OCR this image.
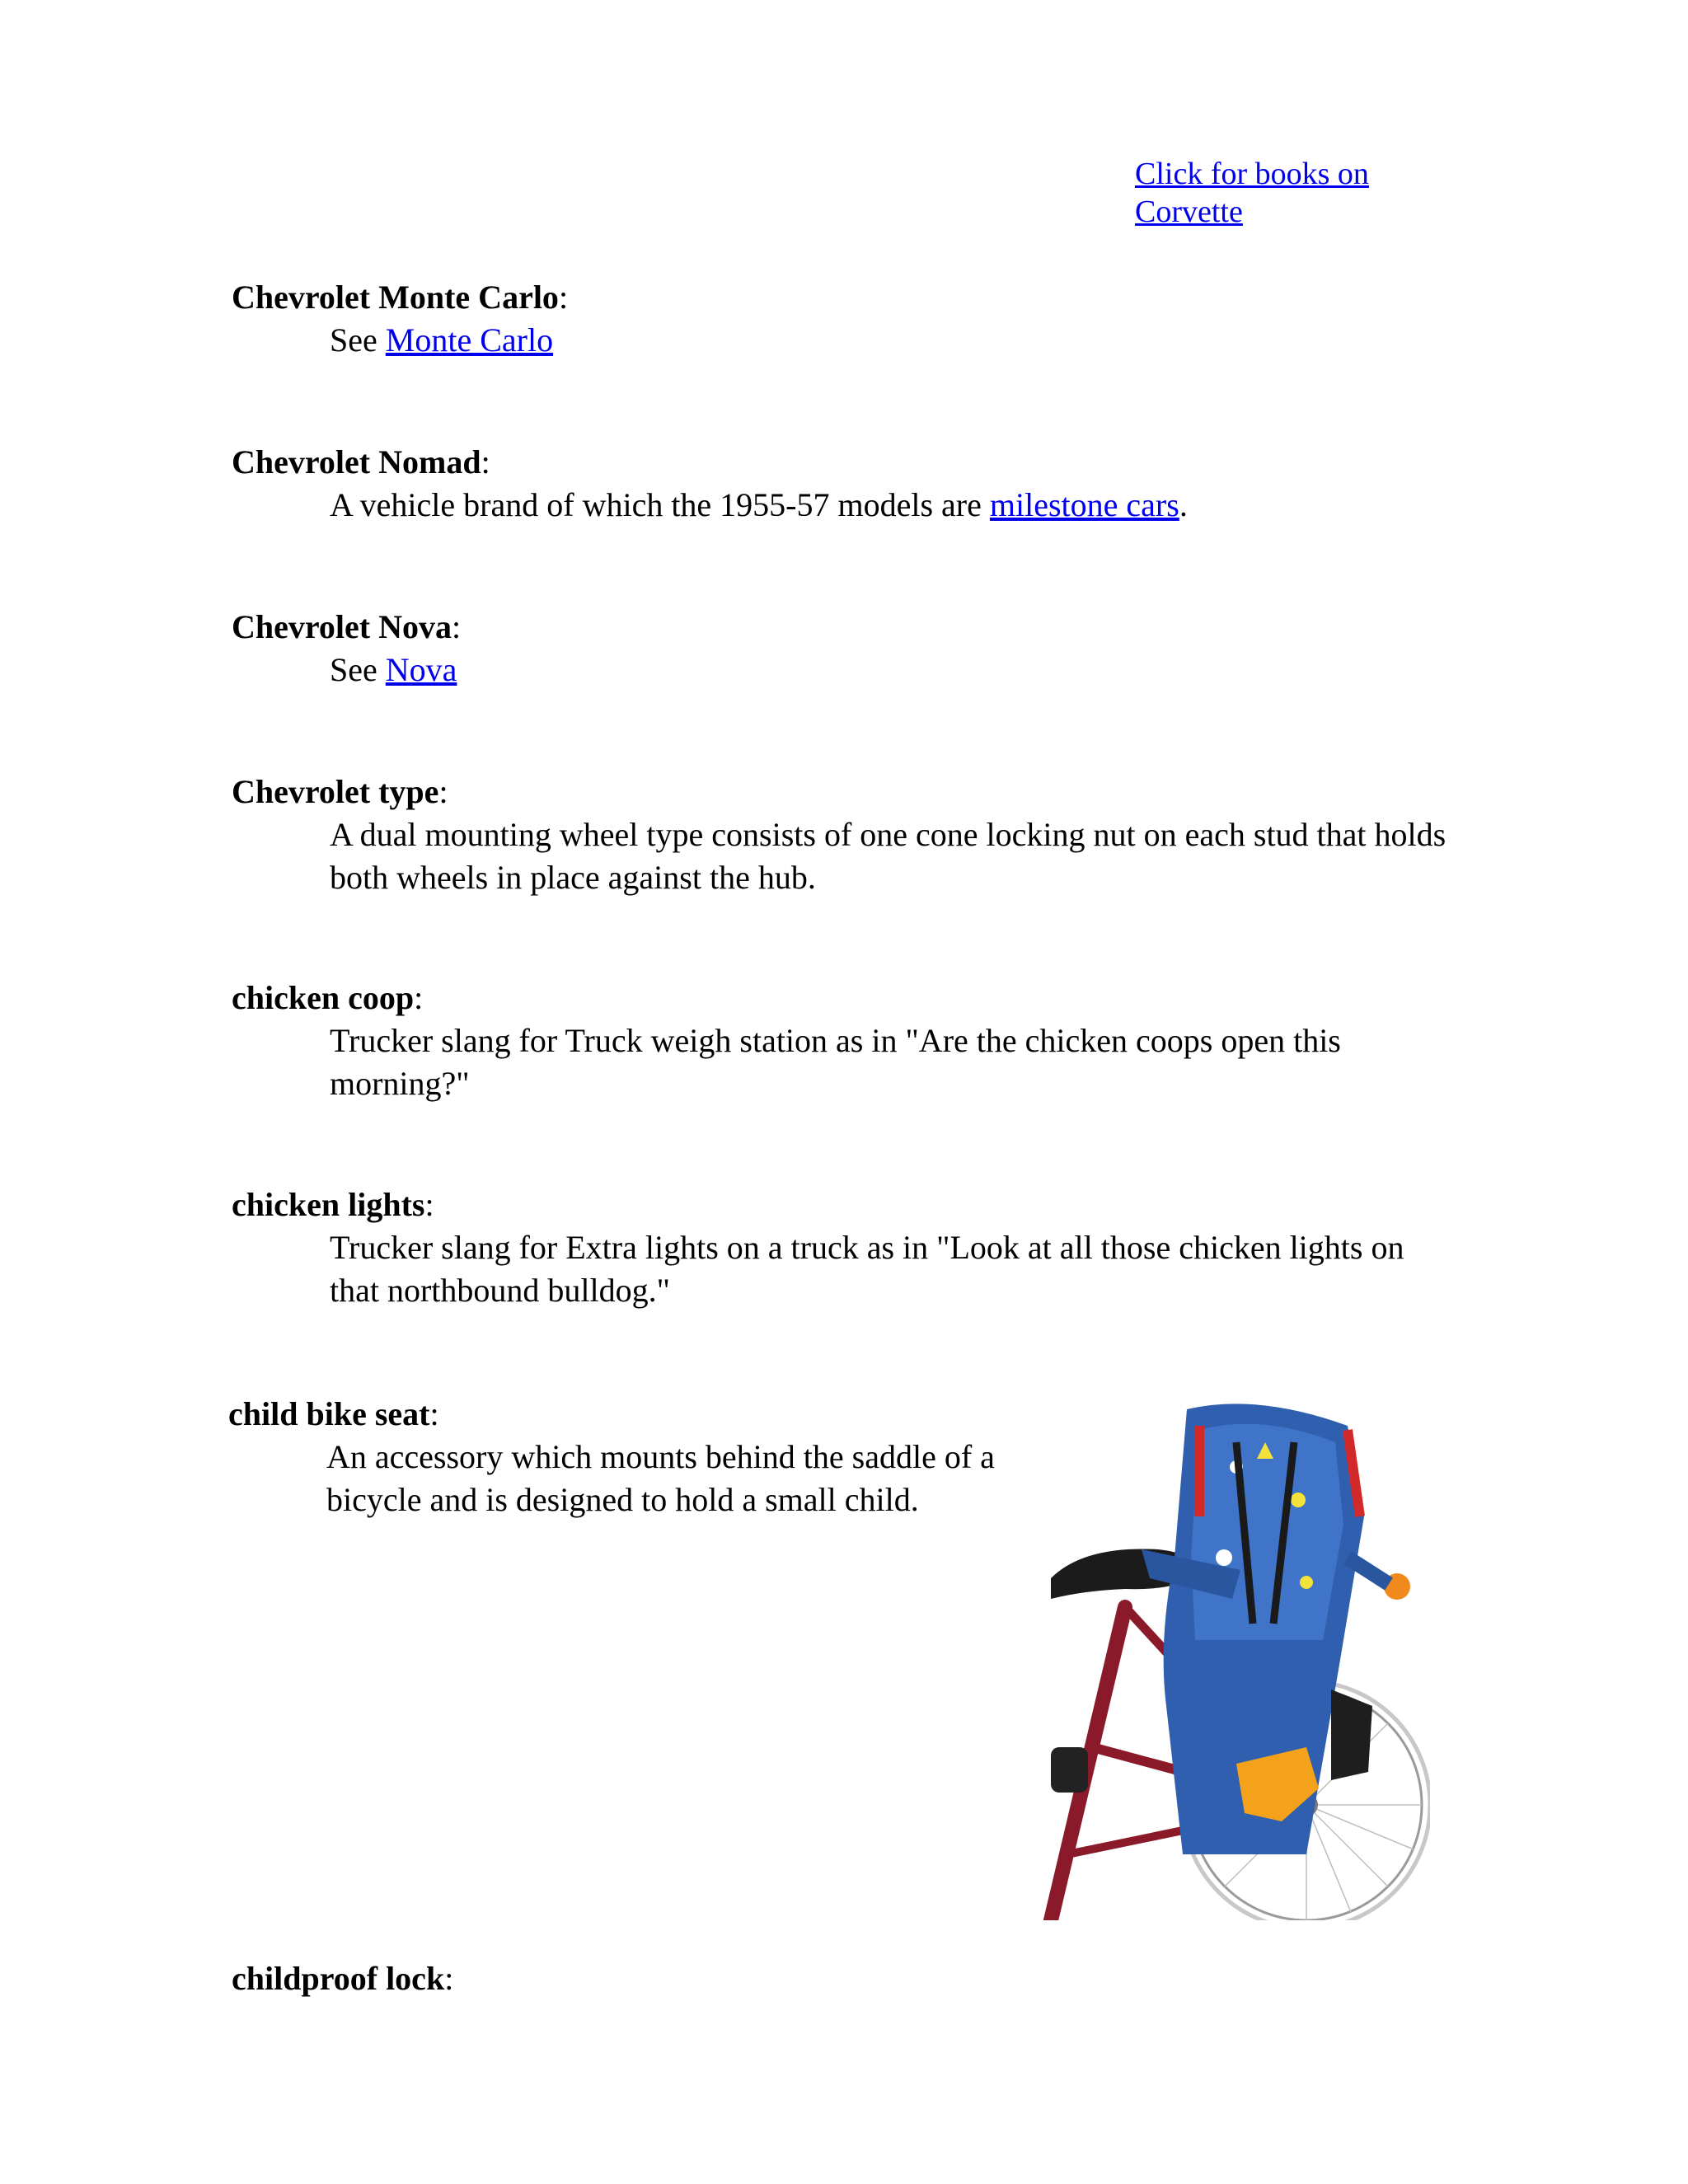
Click for books on Corvette
Chevrolet Monte Carlo:
See Monte Carlo
Chevrolet Nomad:
A vehicle brand of which the 1955-57 models are milestone cars.
Chevrolet Nova:
See Nova
Chevrolet type:
A dual mounting wheel type consists of one cone locking nut on each stud that holds both wheels in place against the hub.
chicken coop:
Trucker slang for Truck weigh station as in "Are the chicken coops open this morning?"
chicken lights:
Trucker slang for Extra lights on a truck as in "Look at all those chicken lights on that northbound bulldog."
child bike seat:
An accessory which mounts behind the saddle of a bicycle and is designed to hold a small child.
childproof lock:
